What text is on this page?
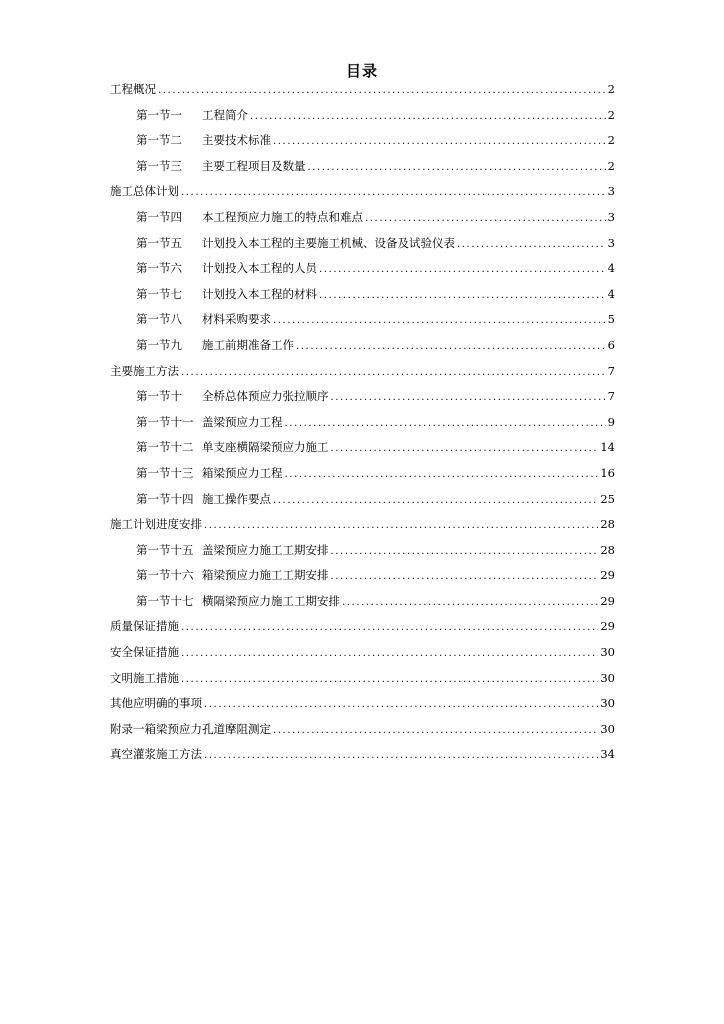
目录
工程概况 .....	2
第一节一	工程简介 .....	2
第一节二	主要技术标准 .....	2
第一节三	主要工程项目及数量 .....	2
施工总体计划 .....	3
第一节四	本工程预应力施工的特点和难点 .....	3
第一节五	计划投入本工程的主要施工机械、设备及试验仪表 .....	3
第一节六	计划投入本工程的人员 .....	4
第一节七	计划投入本工程的材料 .....	4
第一节八	材料采购要求 .....	5
第一节九	施工前期准备工作 .....	6
主要施工方法 .....	7
第一节十	全桥总体预应力张拉顺序 .....	7
第一节十一 盖梁预应力工程 .....	9
第一节十二 单支座横隔梁预应力施工 .....	14
第一节十三 箱梁预应力工程 .....	16
第一节十四 施工操作要点 .....	25
施工计划进度安排 .....	28
第一节十五 盖梁预应力施工工期安排 .....	28
第一节十六 箱梁预应力施工工期安排 .....	29
第一节十七 横隔梁预应力施工工期安排 .....	29
质量保证措施 .....	29
安全保证措施 .....	30
文明施工措施 .....	30
其他应明确的事项 .....	30
附录一箱梁预应力孔道摩阻测定 .....	30
真空灌浆施工方法 .....	34
